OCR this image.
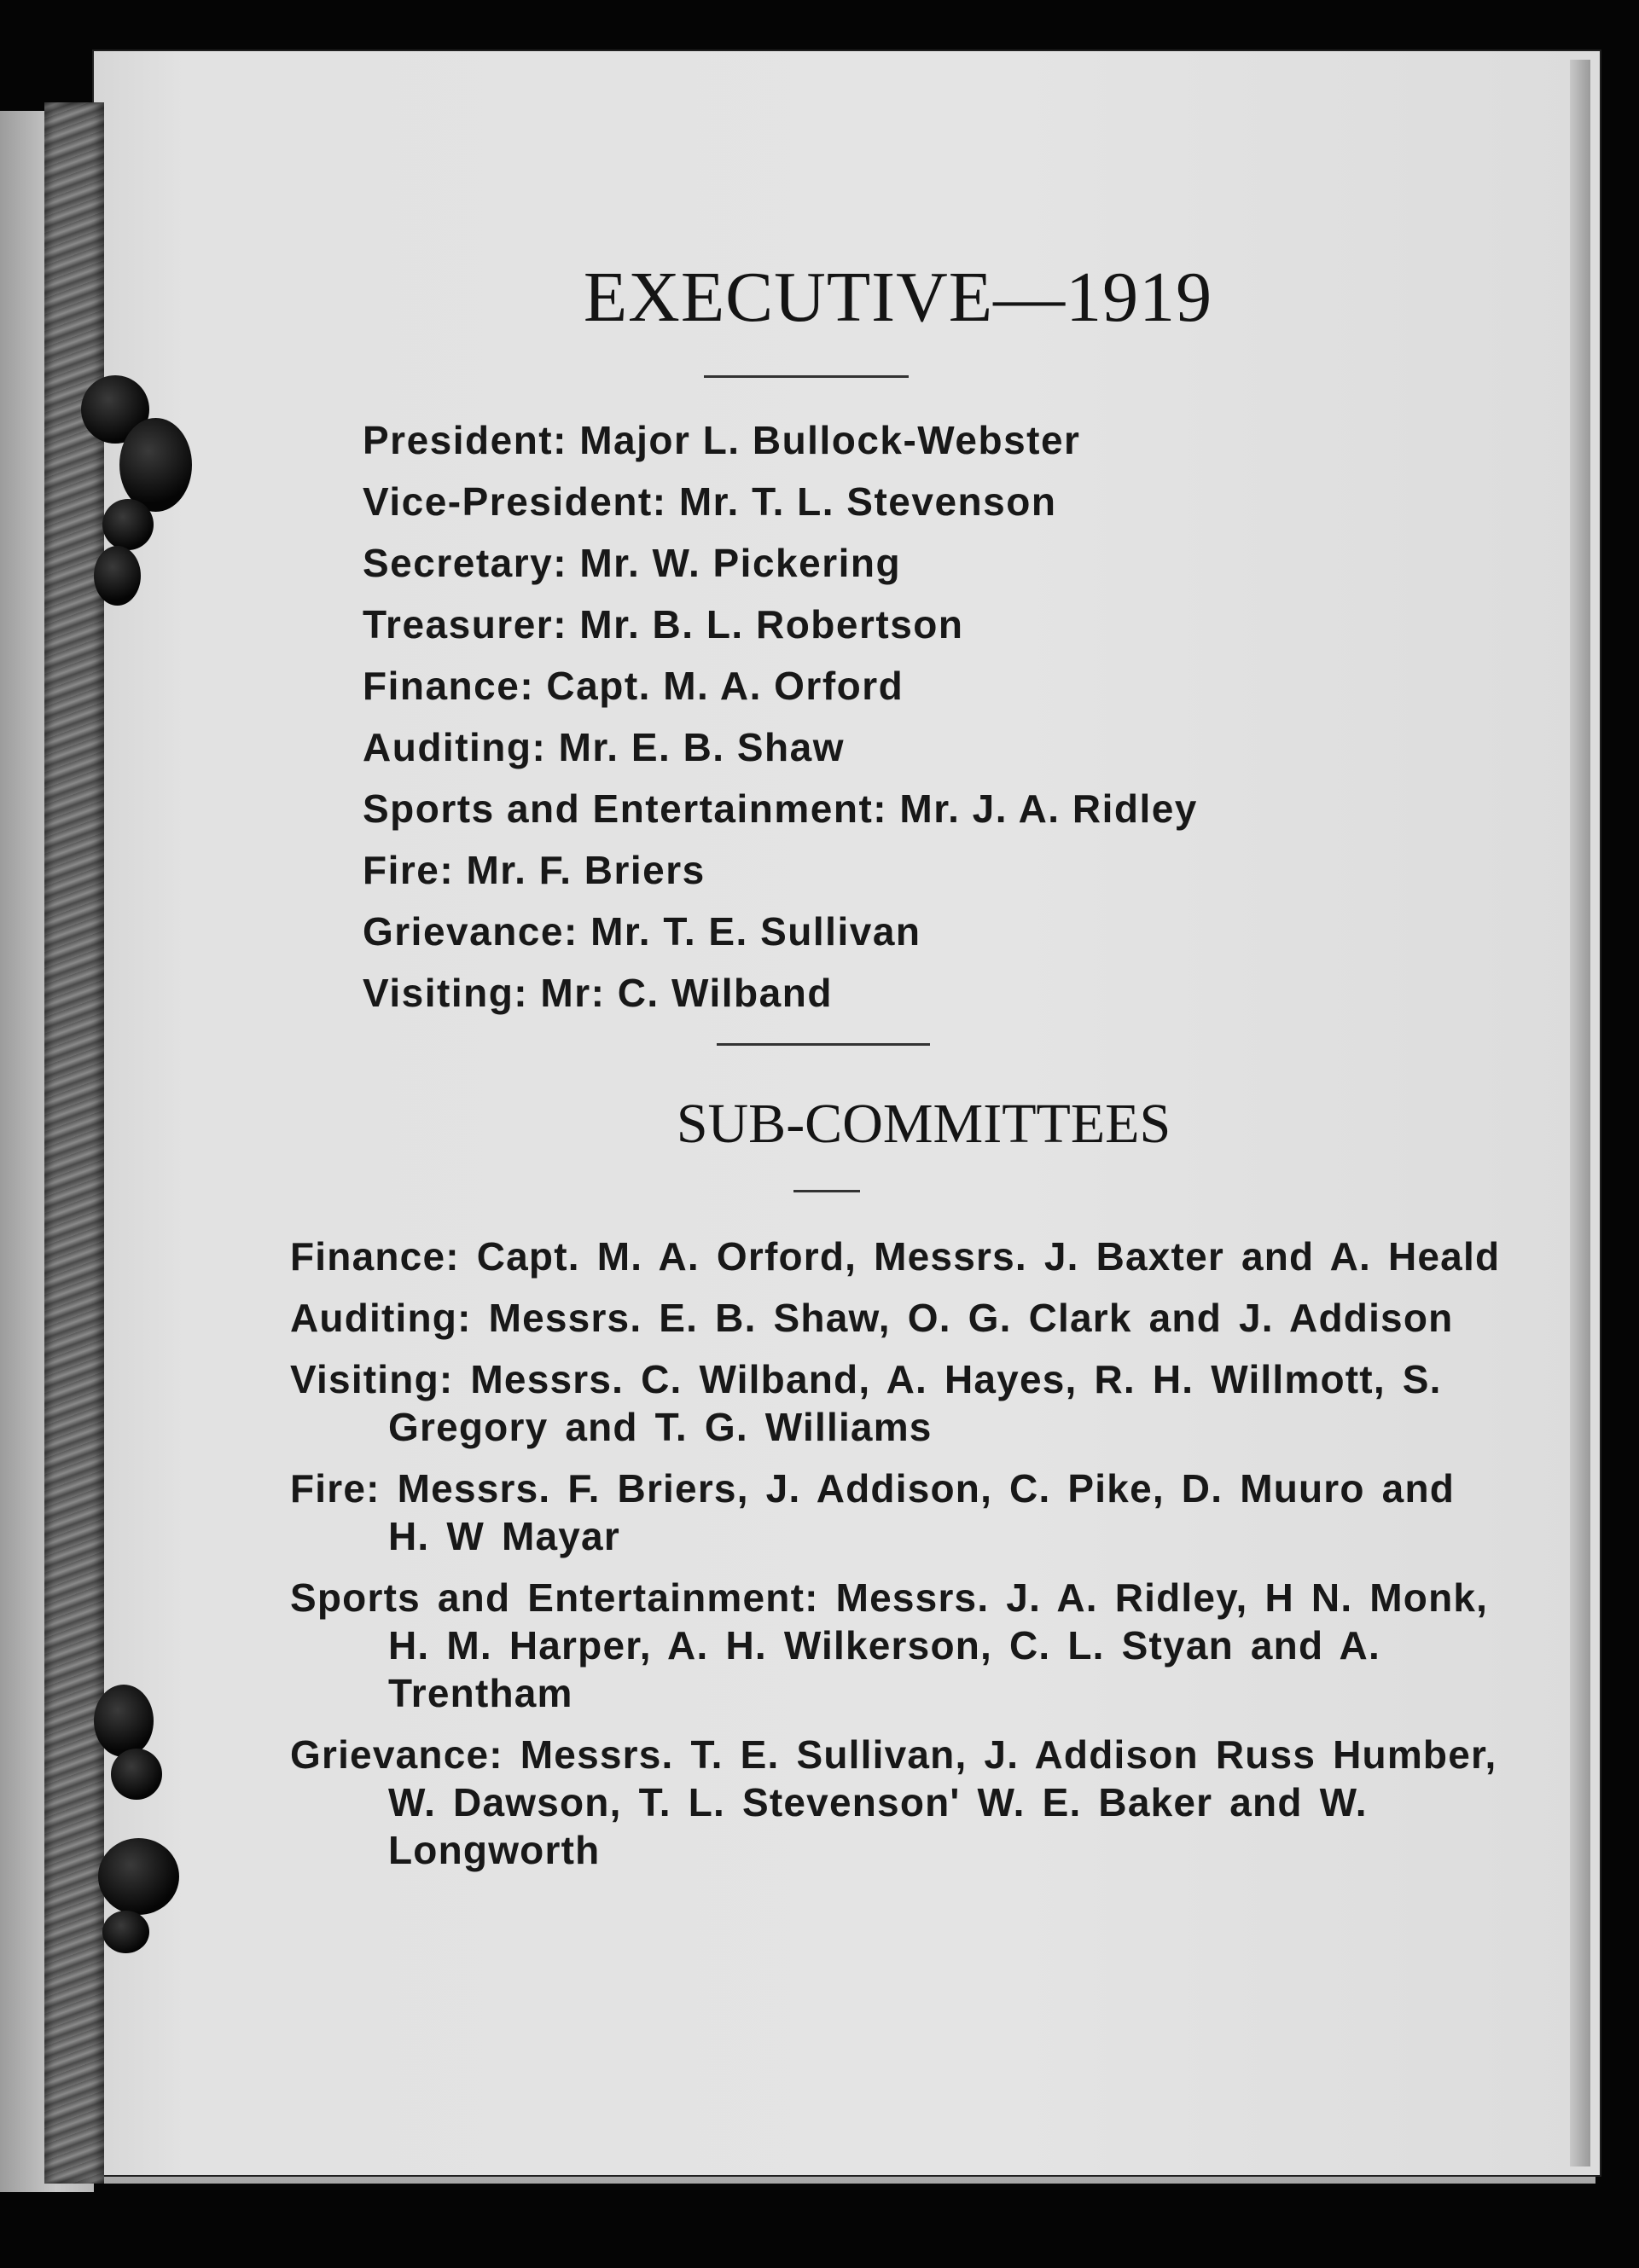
EXECUTIVE—1919
President: Major L. Bullock-Webster
Vice-President: Mr. T. L. Stevenson
Secretary: Mr. W. Pickering
Treasurer: Mr. B. L. Robertson
Finance: Capt. M. A. Orford
Auditing: Mr. E. B. Shaw
Sports and Entertainment: Mr. J. A. Ridley
Fire: Mr. F. Briers
Grievance: Mr. T. E. Sullivan
Visiting: Mr: C. Wilband
SUB-COMMITTEES
Finance: Capt. M. A. Orford, Messrs. J. Baxter and A. Heald
Auditing: Messrs. E. B. Shaw, O. G. Clark and J. Addison
Visiting: Messrs. C. Wilband, A. Hayes, R. H. Willmott, S. Gregory and T. G. Williams
Fire: Messrs. F. Briers, J. Addison, C. Pike, D. Muuro and H. W Mayar
Sports and Entertainment: Messrs. J. A. Ridley, H N. Monk, H. M. Harper, A. H. Wilkerson, C. L. Styan and A. Trentham
Grievance: Messrs. T. E. Sullivan, J. Addison Russ Humber, W. Dawson, T. L. Stevenson' W. E. Baker and W. Longworth
